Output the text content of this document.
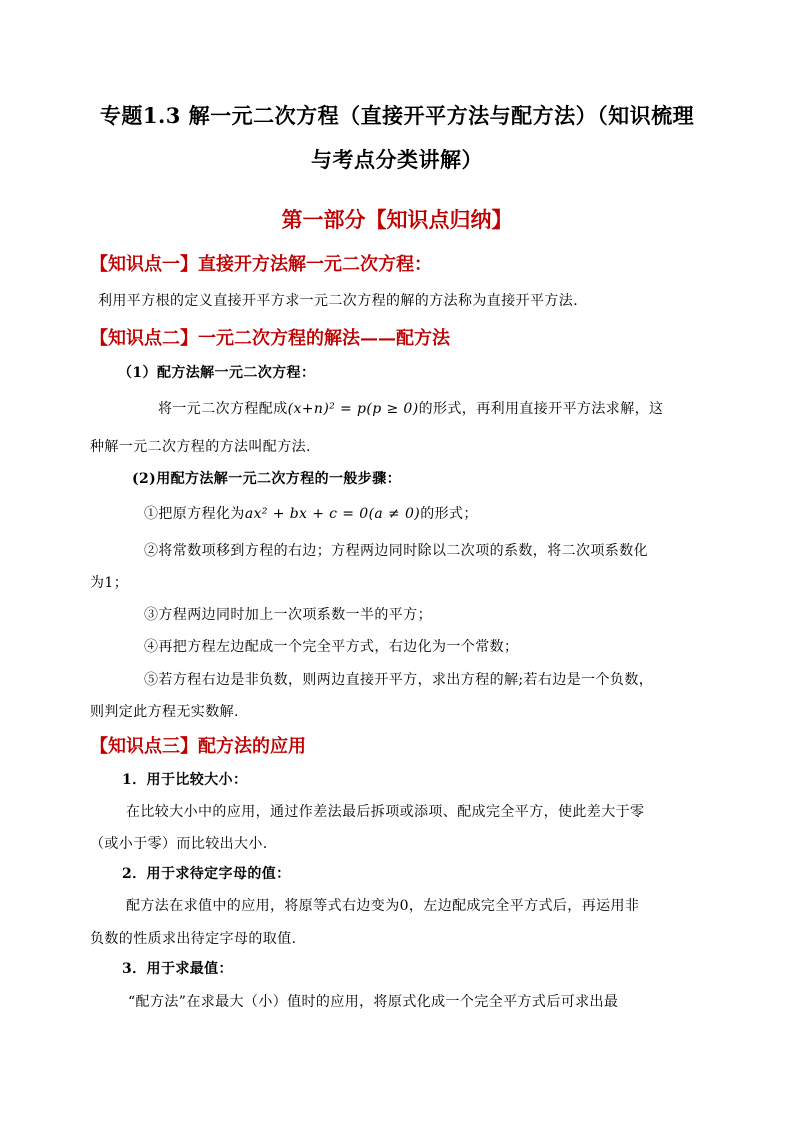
专题1.3 解一元二次方程（直接开平方法与配方法）（知识梳理
与考点分类讲解）
第一部分【知识点归纳】
【知识点一】直接开方法解一元二次方程：
利用平方根的定义直接开平方求一元二次方程的解的方法称为直接开平方法.
【知识点二】一元二次方程的解法——配方法
（1）配方法解一元二次方程：
将一元二次方程配成(x+n)² = p(p ≥ 0)的形式，再利用直接开平方法求解，这
种解一元二次方程的方法叫配方法.
(2)用配方法解一元二次方程的一般步骤：
①把原方程化为ax² + bx + c = 0(a ≠ 0)的形式；
②将常数项移到方程的右边；方程两边同时除以二次项的系数，将二次项系数化
为1；
③方程两边同时加上一次项系数一半的平方；
④再把方程左边配成一个完全平方式，右边化为一个常数；
⑤若方程右边是非负数，则两边直接开平方，求出方程的解;若右边是一个负数，
则判定此方程无实数解.
【知识点三】配方法的应用
1．用于比较大小：
在比较大小中的应用，通过作差法最后拆项或添项、配成完全平方，使此差大于零
（或小于零）而比较出大小.
2．用于求待定字母的值：
配方法在求值中的应用，将原等式右边变为0，左边配成完全平方式后，再运用非
负数的性质求出待定字母的取值.
3．用于求最值：
“配方法”在求最大（小）值时的应用，将原式化成一个完全平方式后可求出最
